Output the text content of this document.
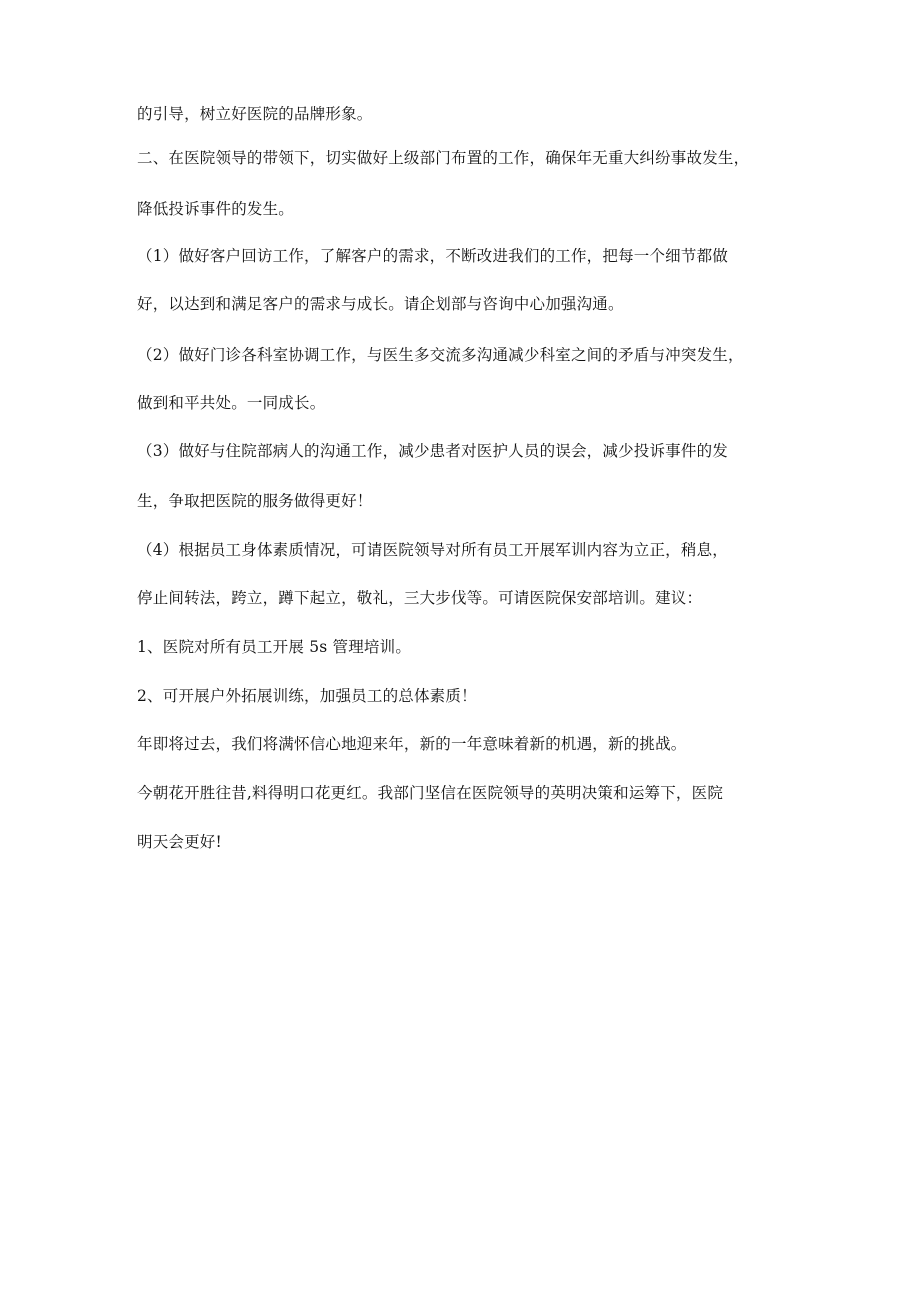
的引导，树立好医院的品牌形象。
二、在医院领导的带领下，切实做好上级部门布置的工作，确保年无重大纠纷事故发生，
降低投诉事件的发生。
（1）做好客户回访工作，了解客户的需求，不断改进我们的工作，把每一个细节都做
好，以达到和满足客户的需求与成长。请企划部与咨询中心加强沟通。
（2）做好门诊各科室协调工作，与医生多交流多沟通减少科室之间的矛盾与冲突发生，
做到和平共处。一同成长。
（3）做好与住院部病人的沟通工作，减少患者对医护人员的误会，减少投诉事件的发
生，争取把医院的服务做得更好！
（4）根据员工身体素质情况，可请医院领导对所有员工开展军训内容为立正，稍息，
停止间转法，跨立，蹲下起立，敬礼，三大步伐等。可请医院保安部培训。建议：
1、医院对所有员工开展 5s 管理培训。
2、可开展户外拓展训练，加强员工的总体素质！
年即将过去，我们将满怀信心地迎来年，新的一年意味着新的机遇，新的挑战。
今朝花开胜往昔,料得明口花更红。我部门坚信在医院领导的英明决策和运筹下，医院
明天会更好!
